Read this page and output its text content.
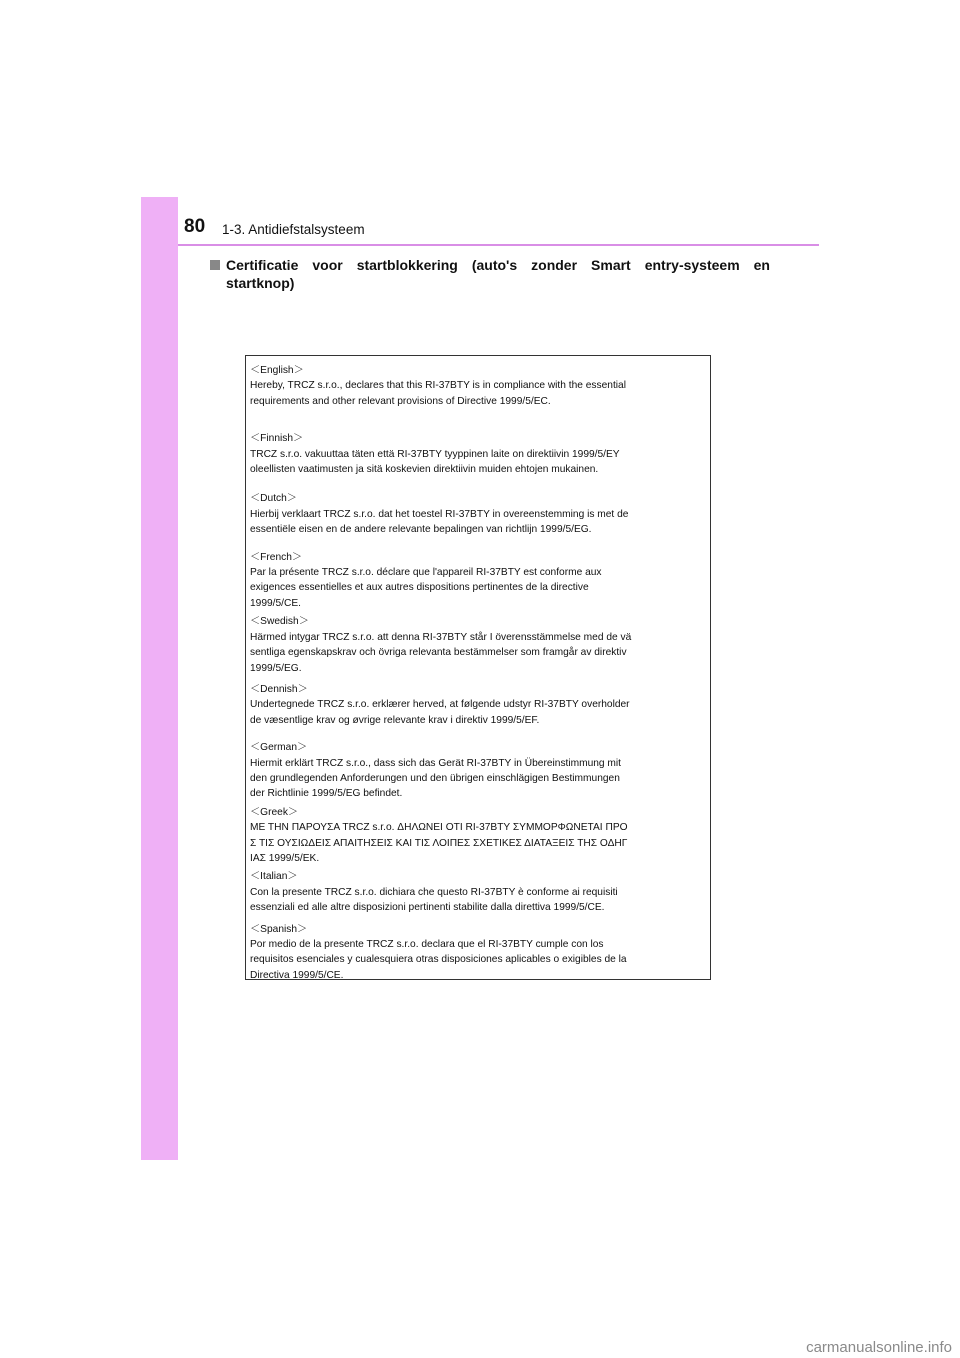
80 1-3. Antidiefstalsysteem
Certificatie voor startblokkering (auto's zonder Smart entry-systeem en startknop)
＜English＞
Hereby, TRCZ s.r.o., declares that this RI-37BTY is in compliance with the essential
requirements and other relevant provisions of Directive 1999/5/EC.
＜Finnish＞
TRCZ s.r.o. vakuuttaa täten että RI-37BTY tyyppinen laite on direktiivin 1999/5/EY
oleellisten vaatimusten ja sitä koskevien direktiivin muiden ehtojen mukainen.
＜Dutch＞
Hierbij verklaart TRCZ s.r.o. dat het toestel RI-37BTY in overeenstemming is met de
essentiële eisen en de andere relevante bepalingen van richtlijn 1999/5/EG.
＜French＞
Par la présente TRCZ s.r.o. déclare que l'appareil RI-37BTY est conforme aux
exigences essentielles et aux autres dispositions pertinentes de la directive
1999/5/CE.
＜Swedish＞
Härmed intygar TRCZ s.r.o. att denna RI-37BTY står I överensstämmelse med de vä
sentliga egenskapskrav och övriga relevanta bestämmelser som framgår av direktiv
1999/5/EG.
＜Dennish＞
Undertegnede TRCZ s.r.o. erklærer herved, at følgende udstyr RI-37BTY overholder
de væsentlige krav og øvrige relevante krav i direktiv 1999/5/EF.
＜German＞
Hiermit erklärt TRCZ s.r.o., dass sich das Gerät RI-37BTY in Übereinstimmung mit
den grundlegenden Anforderungen und den übrigen einschlägigen Bestimmungen
der Richtlinie 1999/5/EG befindet.
＜Greek＞
ΜΕ ΤΗΝ ΠΑΡΟΥΣΑ TRCZ s.r.o. ΔΗΛΩΝΕΙ ΟΤΙ RI-37BTY ΣΥΜΜΟΡΦΩΝΕΤΑΙ ΠΡΟ
Σ ΤΙΣ ΟΥΣΙΩΔΕΙΣ ΑΠΑΙΤΗΣΕΙΣ ΚΑΙ ΤΙΣ ΛΟΙΠΕΣ ΣΧΕΤΙΚΕΣ ΔΙΑΤΑΞΕΙΣ ΤΗΣ ΟΔΗΓ
ΙΑΣ 1999/5/ΕΚ.
＜Italian＞
Con la presente TRCZ s.r.o. dichiara che questo RI-37BTY è conforme ai requisiti
essenziali ed alle altre disposizioni pertinenti stabilite dalla direttiva 1999/5/CE.
＜Spanish＞
Por medio de la presente TRCZ s.r.o. declara que el RI-37BTY cumple con los
requisitos esenciales y cualesquiera otras disposiciones aplicables o exigibles de la
Directiva 1999/5/CE.
carmanualsonline.info
